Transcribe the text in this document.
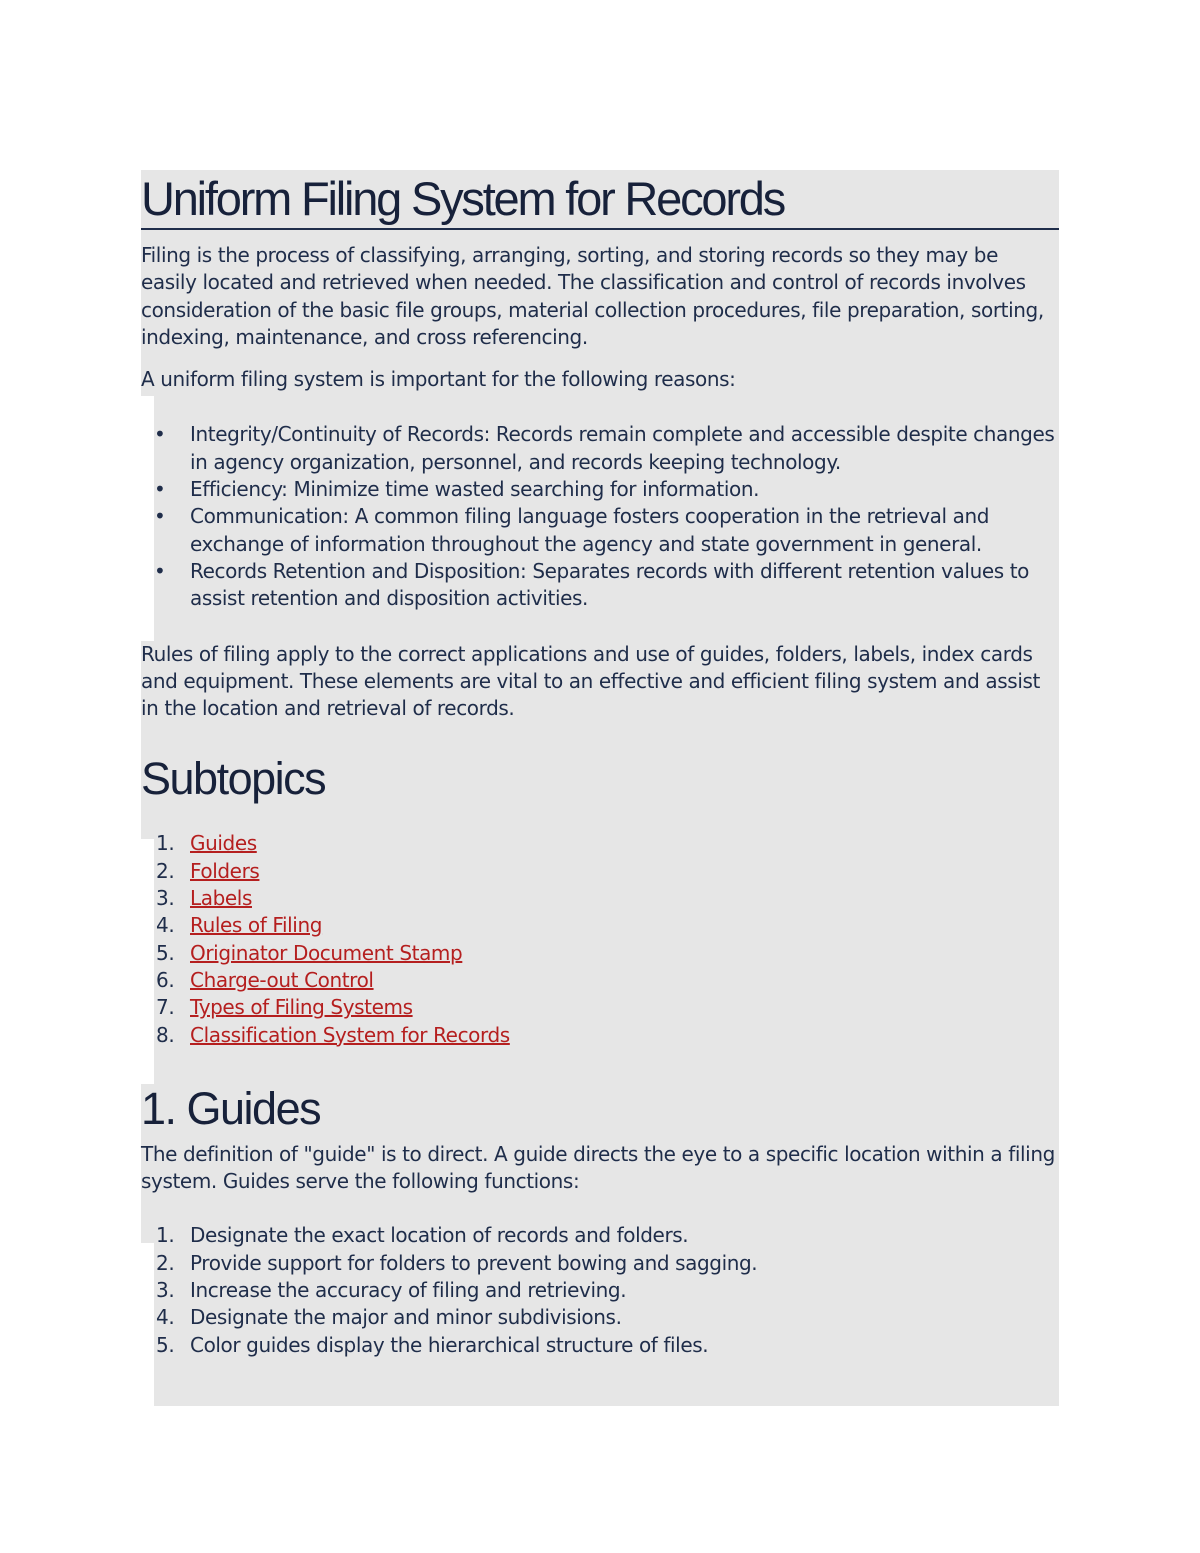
Uniform Filing System for Records

Filing is the process of classifying, arranging, sorting, and storing records so they may be easily located and retrieved when needed. The classification and control of records involves consideration of the basic file groups, material collection procedures, file preparation, sorting, indexing, maintenance, and cross referencing.

A uniform filing system is important for the following reasons:

• Integrity/Continuity of Records: Records remain complete and accessible despite changes in agency organization, personnel, and records keeping technology.
• Efficiency: Minimize time wasted searching for information.
• Communication: A common filing language fosters cooperation in the retrieval and exchange of information throughout the agency and state government in general.
• Records Retention and Disposition: Separates records with different retention values to assist retention and disposition activities.

Rules of filing apply to the correct applications and use of guides, folders, labels, index cards and equipment. These elements are vital to an effective and efficient filing system and assist in the location and retrieval of records.

Subtopics
1. Guides
2. Folders
3. Labels
4. Rules of Filing
5. Originator Document Stamp
6. Charge-out Control
7. Types of Filing Systems
8. Classification System for Records
1. Guides

The definition of "guide" is to direct. A guide directs the eye to a specific location within a filing system. Guides serve the following functions:

1. Designate the exact location of records and folders.
2. Provide support for folders to prevent bowing and sagging.
3. Increase the accuracy of filing and retrieving.
4. Designate the major and minor subdivisions.
5. Color guides display the hierarchical structure of files.
